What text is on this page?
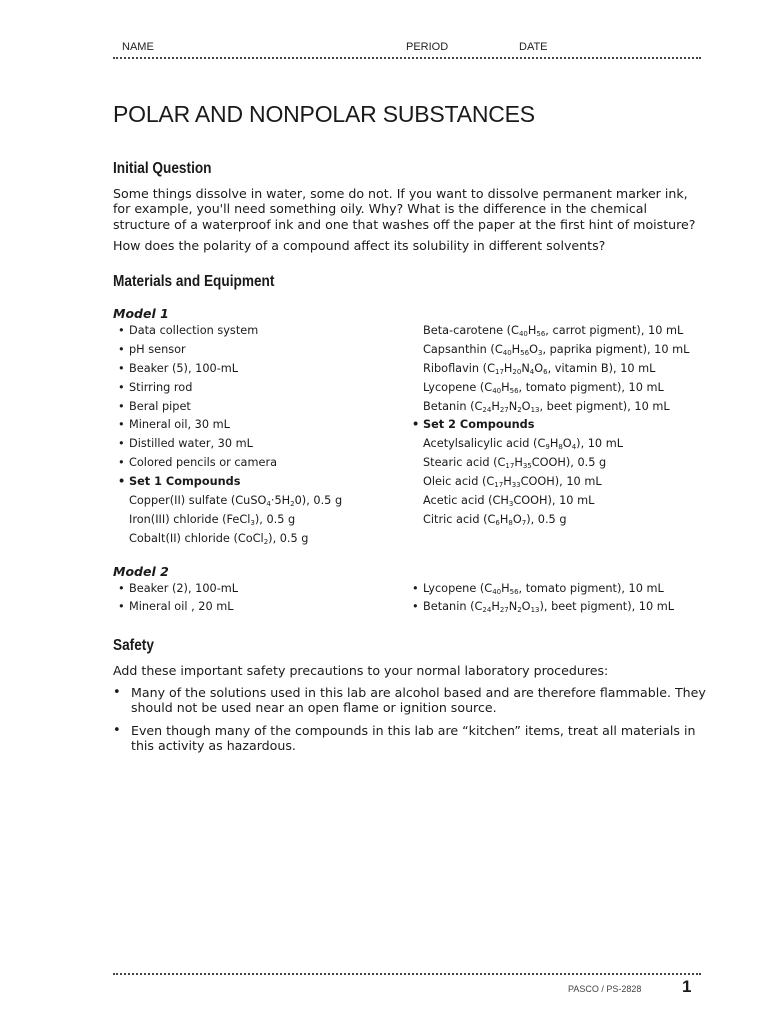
NAME	PERIOD	DATE
POLAR AND NONPOLAR SUBSTANCES
Initial Question

Some things dissolve in water, some do not. If you want to dissolve permanent marker ink, for example, you'll need something oily. Why? What is the difference in the chemical structure of a waterproof ink and one that washes off the paper at the first hint of moisture?

How does the polarity of a compound affect its solubility in different solvents?

Materials and Equipment
Model 1
• Data collection system
• pH sensor
• Beaker (5), 100-mL
• Stirring rod
• Beral pipet
• Mineral oil, 30 mL
• Distilled water, 30 mL
• Colored pencils or camera
• Set 1 Compounds
Copper(II) sulfate $(CuSO_4\cdot 5H_20)$, 0.5 g
Iron(III) chloride (FeCl$_3$), 0.5 g
Cobalt(II) chloride (CoCl$_2$), 0.5 g
Beta-carotene ($C_{40}H_{56}$, carrot pigment), 10 mL
Capsanthin ($C_{40}H_{56}O_3$, paprika pigment), 10 mL
Riboflavin ($C_{17}H_{20}N_4O_6$, vitamin B), 10 mL
Lycopene ($C_{40}H_{56}$, tomato pigment), 10 mL
Betanin ($C_{24}H_{27}N_2O_{13}$, beet pigment), 10 mL
• Set 2 Compounds
Acetylsalicylic acid $(C_9H_8O_4)$, 10 mL
Stearic acid $(C_{17}H_{35}COOH)$, 0.5 g
Oleic acid $(C_{17}H_{33}COOH)$, 10 mL
Acetic acid $(CH_3COOH)$, 10 mL
Citric acid $(C_6H_8O_7)$, 0.5 g
Model 2
• Beaker (2), 100-mL
• Mineral oil , 20 mL
• Lycopene ($C_{40}H_{56}$, tomato pigment), 10 mL
• Betanin $(C_{24}H_{27}N_2O_{13})$, beet pigment), 10 mL
Safety

Add these important safety precautions to your normal laboratory procedures:

• Many of the solutions used in this lab are alcohol based and are therefore flammable. They should not be used near an open flame or ignition source.

• Even though many of the compounds in this lab are “kitchen” items, treat all materials in this activity as hazardous.

PASCO / PS-2828 1
